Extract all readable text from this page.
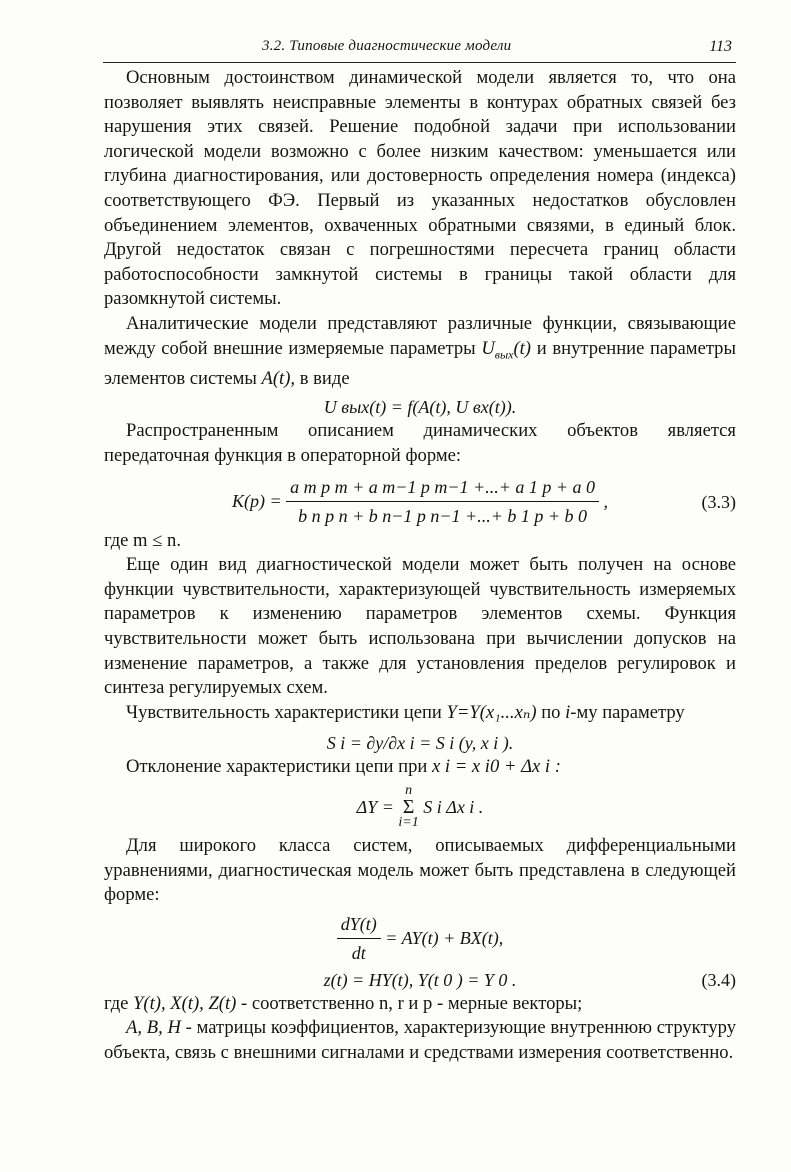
3.2. Типовые диагностические модели	113

Основным достоинством динамической модели является то, что она позволяет выявлять неисправные элементы в контурах обратных связей без нарушения этих связей. Решение подобной задачи при использовании логической модели возможно с более низким качеством: уменьшается или глубина диагностирования, или достоверность определения номера (индекса) соответствующего ФЭ. Первый из указанных недостатков обусловлен объединением элементов, охваченных обратными связями, в единый блок. Другой недостаток связан с погрешностями пересчета границ области работоспособности замкнутой системы в границы такой области для разомкнутой системы.

Аналитические модели представляют различные функции, связывающие между собой внешние измеряемые параметры $U_{вых}(t)$ и внутренние параметры элементов системы A(t), в виде

U вых(t) = f(A(t), U вх(t)).

Распространенным описанием динамических объектов является передаточная функция в операторной форме:

$K(p) = \frac{\text{a m p m + a m−1 p m−1 +...+ a 1 p + a 0}}{\text{b n p n + b n−1 p n−1 +...+ b 1 p + b 0}}$ ,	(3.3)

где m ≤ n.

Еще один вид диагностической модели может быть получен на основе функции чувствительности, характеризующей чувствительность измеряемых параметров к изменению параметров элементов схемы. Функция чувствительности может быть использована при вычислении допусков на изменение параметров, а также для установления пределов регулировок и синтеза регулируемых схем.

Чувствительность характеристики цепи Y=Y(x₁...xₙ) по i-му параметру

S i = ∂y/∂x i = S i (y, x i ).

Отклонение характеристики цепи при x i = x i0 + Δx i :

ΔY =
n
Σ
i=1
S i Δx i .

Для широкого класса систем, описываемых дифференциальными уравнениями, диагностическая модель может быть представлена в следующей форме:

$\frac{dY(t)}{dt} = AY(t) + BX(t)$,
z(t) = HY(t), Y(t 0 ) = Y 0 .	(3.4)

где Y(t), X(t), Z(t) - соответственно n, r и p - мерные векторы;

A, B, H - матрицы коэффициентов, характеризующие внутреннюю структуру объекта, связь с внешними сигналами и средствами измерения соответственно.
